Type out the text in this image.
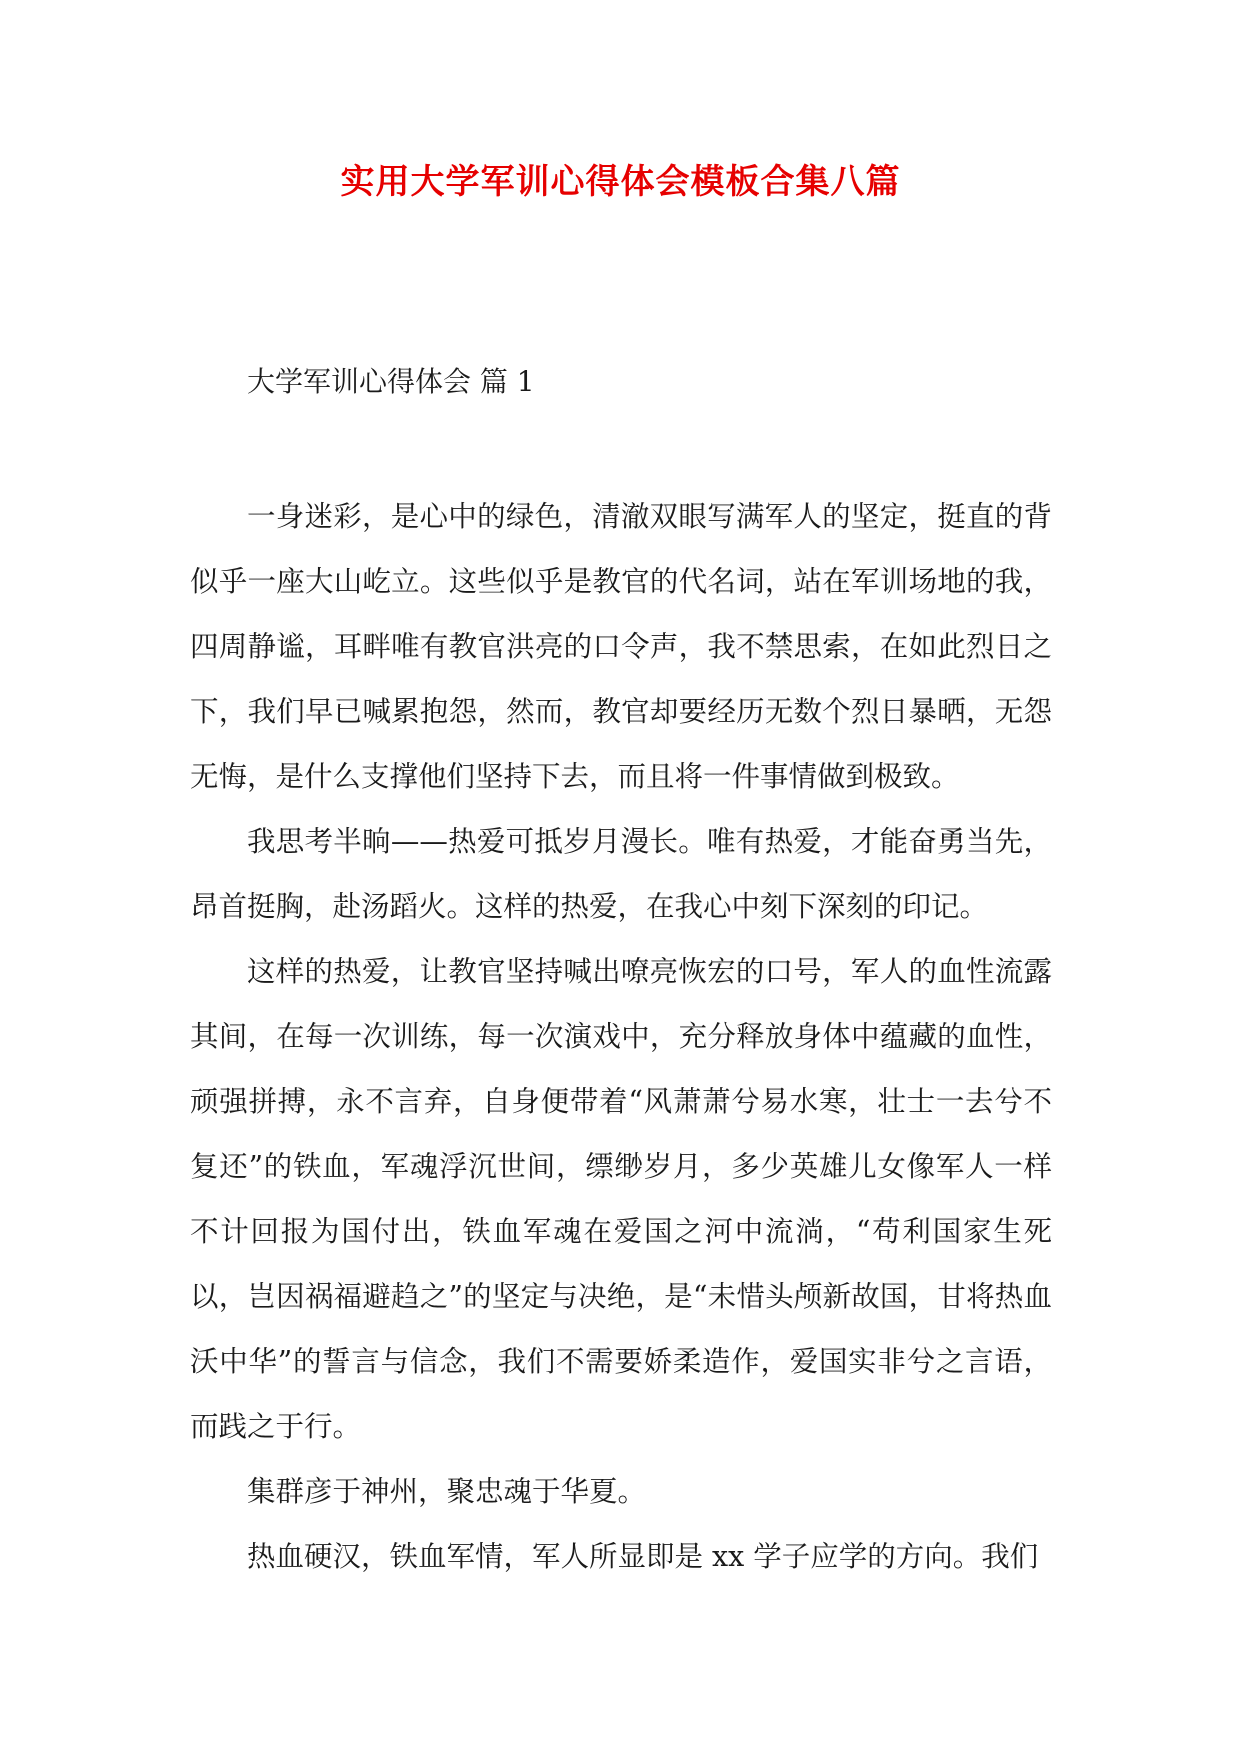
实用大学军训心得体会模板合集八篇
大学军训心得体会 篇 1

一身迷彩，是心中的绿色，清澈双眼写满军人的坚定，挺直的背似乎一座大山屹立。这些似乎是教官的代名词，站在军训场地的我，四周静谧，耳畔唯有教官洪亮的口令声，我不禁思索，在如此烈日之下，我们早已喊累抱怨，然而，教官却要经历无数个烈日暴晒，无怨无悔，是什么支撑他们坚持下去，而且将一件事情做到极致。

我思考半晌——热爱可抵岁月漫长。唯有热爱，才能奋勇当先，昂首挺胸，赴汤蹈火。这样的热爱，在我心中刻下深刻的印记。

这样的热爱，让教官坚持喊出嘹亮恢宏的口号，军人的血性流露其间，在每一次训练，每一次演戏中，充分释放身体中蕴藏的血性，顽强拼搏，永不言弃，自身便带着“风萧萧兮易水寒，壮士一去兮不复还”的铁血，军魂浮沉世间，缥缈岁月，多少英雄儿女像军人一样不计回报为国付出，铁血军魂在爱国之河中流淌，“苟利国家生死以，岂因祸福避趋之”的坚定与决绝，是“未惜头颅新故国，甘将热血沃中华”的誓言与信念，我们不需要娇柔造作，爱国实非兮之言语，而践之于行。

集群彦于神州，聚忠魂于华夏。

热血硬汉，铁血军情，军人所显即是 xx 学子应学的方向。我们
